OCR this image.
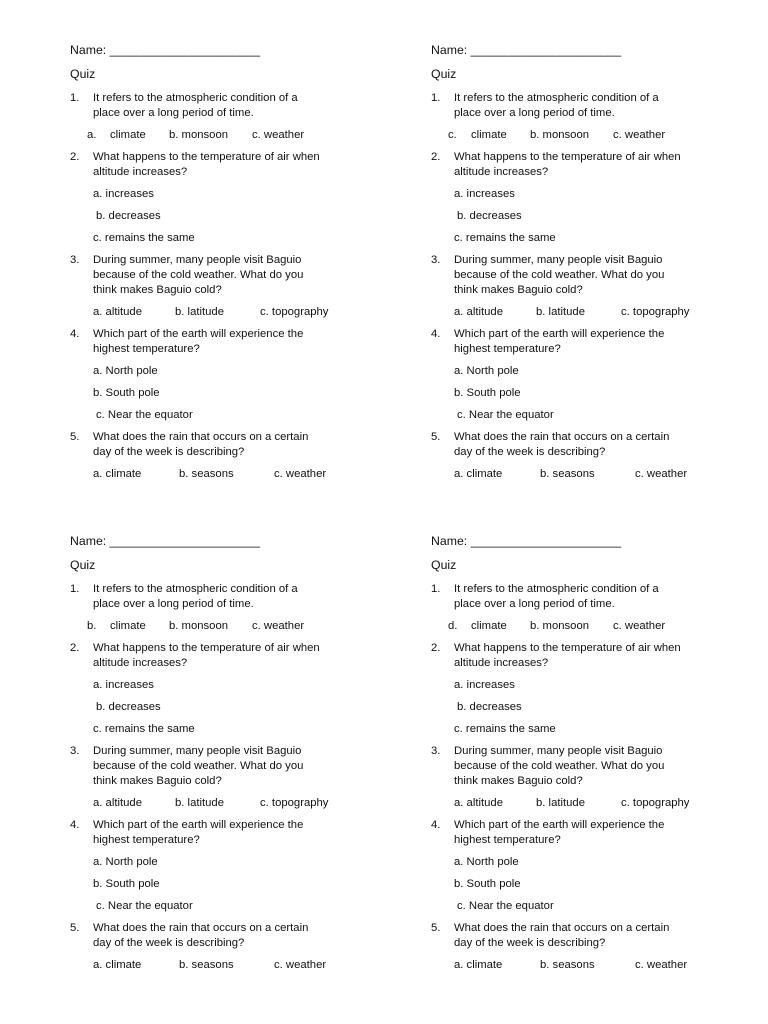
Name: ______________________
Quiz
1.	It refers to the atmospheric condition of a place over a long period of time.
a.	climate	b. monsoon	c. weather
2.	What happens to the temperature of air when altitude increases?
a. increases
b. decreases
c. remains the same
3.	During summer, many people visit Baguio because of the cold weather. What do you think makes Baguio cold?
a. altitude	b. latitude	c. topography
4.	Which part of the earth will experience the highest temperature?
a. North pole
b. South pole
c. Near the equator
5.	What does the rain that occurs on a certain day of the week is describing?
a. climate	b. seasons	c. weather
Name: ______________________
Quiz
1.	It refers to the atmospheric condition of a place over a long period of time.
c.	climate	b. monsoon	c. weather
2.	What happens to the temperature of air when altitude increases?
a. increases
b. decreases
c. remains the same
3.	During summer, many people visit Baguio because of the cold weather. What do you think makes Baguio cold?
a. altitude	b. latitude	c. topography
4.	Which part of the earth will experience the highest temperature?
a. North pole
b. South pole
c. Near the equator
5.	What does the rain that occurs on a certain day of the week is describing?
a. climate	b. seasons	c. weather
Name: ______________________
Quiz
1.	It refers to the atmospheric condition of a place over a long period of time.
b.	climate	b. monsoon	c. weather
2.	What happens to the temperature of air when altitude increases?
a. increases
b. decreases
c. remains the same
3.	During summer, many people visit Baguio because of the cold weather. What do you think makes Baguio cold?
a. altitude	b. latitude	c. topography
4.	Which part of the earth will experience the highest temperature?
a. North pole
b. South pole
c. Near the equator
5.	What does the rain that occurs on a certain day of the week is describing?
a. climate	b. seasons	c. weather
Name: ______________________
Quiz
1.	It refers to the atmospheric condition of a place over a long period of time.
d.	climate	b. monsoon	c. weather
2.	What happens to the temperature of air when altitude increases?
a. increases
b. decreases
c. remains the same
3.	During summer, many people visit Baguio because of the cold weather. What do you think makes Baguio cold?
a. altitude	b. latitude	c. topography
4.	Which part of the earth will experience the highest temperature?
a. North pole
b. South pole
c. Near the equator
5.	What does the rain that occurs on a certain day of the week is describing?
a. climate	b. seasons	c. weather
